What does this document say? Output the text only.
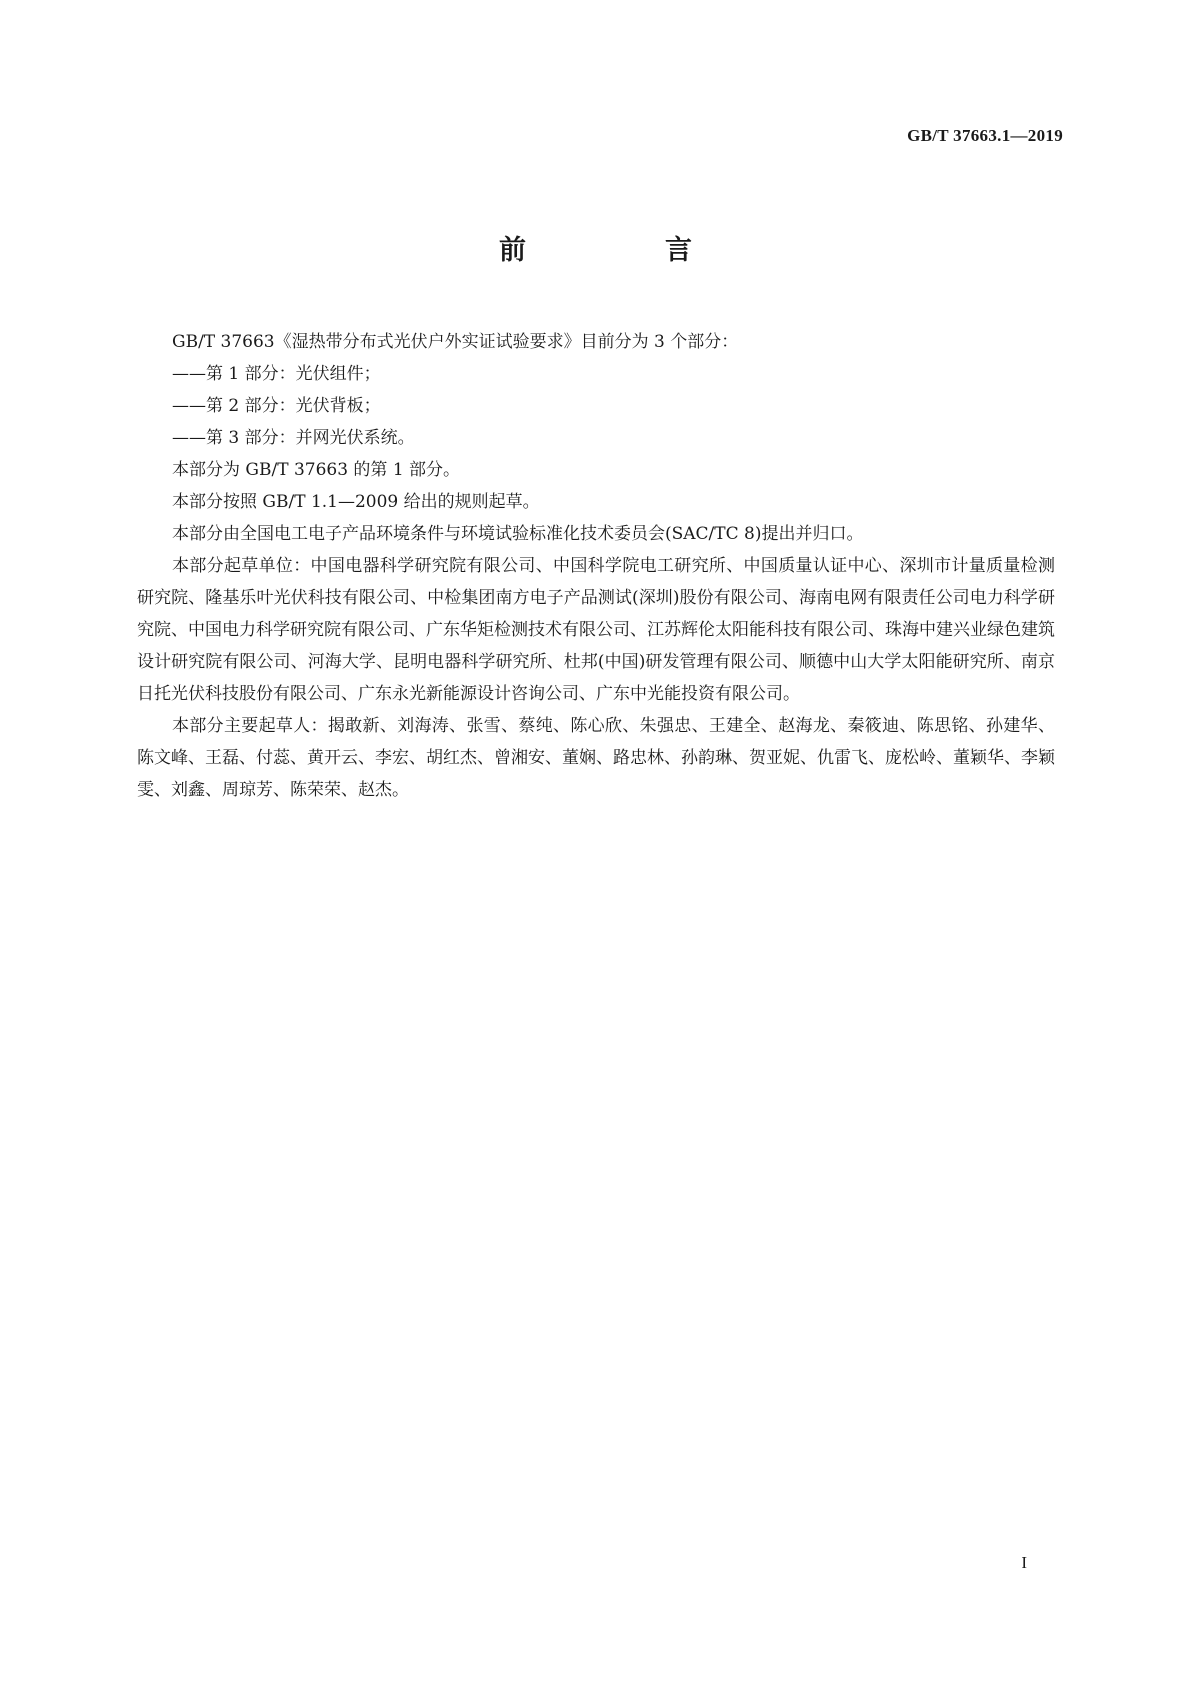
GB/T 37663.1—2019
前　言

GB/T 37663《湿热带分布式光伏户外实证试验要求》目前分为 3 个部分：

——第 1 部分：光伏组件；

——第 2 部分：光伏背板；

——第 3 部分：并网光伏系统。

本部分为 GB/T 37663 的第 1 部分。

本部分按照 GB/T 1.1—2009 给出的规则起草。

本部分由全国电工电子产品环境条件与环境试验标准化技术委员会(SAC/TC 8)提出并归口。

本部分起草单位：中国电器科学研究院有限公司、中国科学院电工研究所、中国质量认证中心、深圳市计量质量检测研究院、隆基乐叶光伏科技有限公司、中检集团南方电子产品测试(深圳)股份有限公司、海南电网有限责任公司电力科学研究院、中国电力科学研究院有限公司、广东华矩检测技术有限公司、江苏辉伦太阳能科技有限公司、珠海中建兴业绿色建筑设计研究院有限公司、河海大学、昆明电器科学研究所、杜邦(中国)研发管理有限公司、顺德中山大学太阳能研究所、南京日托光伏科技股份有限公司、广东永光新能源设计咨询公司、广东中光能投资有限公司。

本部分主要起草人：揭敢新、刘海涛、张雪、蔡纯、陈心欣、朱强忠、王建全、赵海龙、秦筱迪、陈思铭、孙建华、陈文峰、王磊、付蕊、黄开云、李宏、胡红杰、曾湘安、董娴、路忠林、孙韵琳、贺亚妮、仇雷飞、庞松岭、董颖华、李颖雯、刘鑫、周琼芳、陈荣荣、赵杰。

I
